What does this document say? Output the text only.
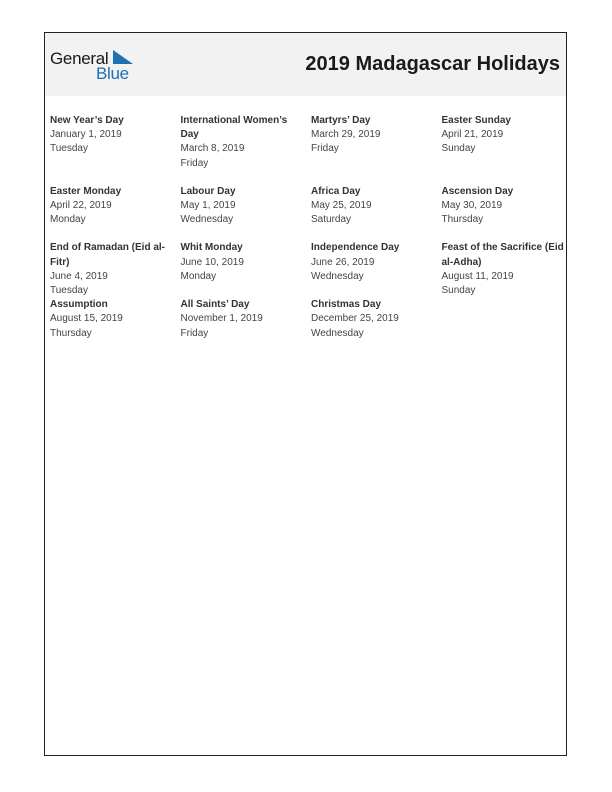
General
Blue	2019 Madagascar Holidays
New Year’s Day
January 1, 2019
Tuesday
International Women’s Day
March 8, 2019
Friday
Martyrs’ Day
March 29, 2019
Friday
Easter Sunday
April 21, 2019
Sunday
Easter Monday
April 22, 2019
Monday
Labour Day
May 1, 2019
Wednesday
Africa Day
May 25, 2019
Saturday
Ascension Day
May 30, 2019
Thursday
End of Ramadan (Eid al-Fitr)
June 4, 2019
Tuesday
Whit Monday
June 10, 2019
Monday
Independence Day
June 26, 2019
Wednesday
Feast of the Sacrifice (Eid al-Adha)
August 11, 2019
Sunday
Assumption
August 15, 2019
Thursday
All Saints’ Day
November 1, 2019
Friday
Christmas Day
December 25, 2019
Wednesday
